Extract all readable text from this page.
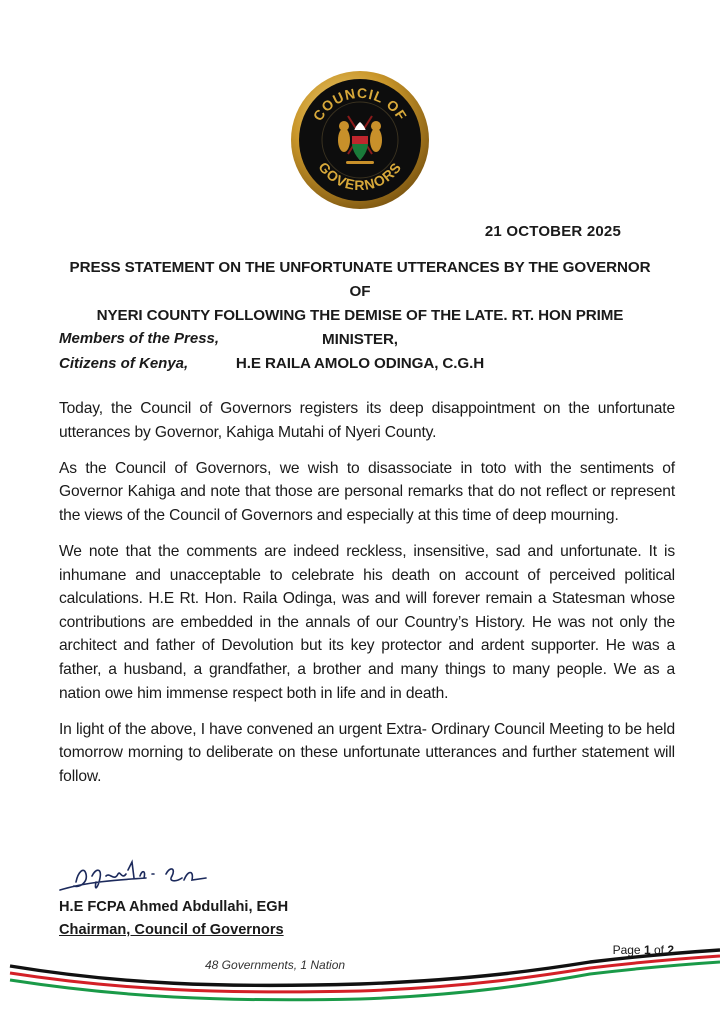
COUNCIL OF
GOVERNORS
21 OCTOBER 2025
PRESS STATEMENT ON THE UNFORTUNATE UTTERANCES BY THE GOVERNOR OF
NYERI COUNTY FOLLOWING THE DEMISE OF THE LATE. RT. HON PRIME MINISTER,
H.E RAILA AMOLO ODINGA, C.G.H
Members of the Press,
Citizens of Kenya,

Today, the Council of Governors registers its deep disappointment on the unfortunate utterances by Governor, Kahiga Mutahi of Nyeri County.

As the Council of Governors, we wish to disassociate in toto with the sentiments of Governor Kahiga and note that those are personal remarks that do not reflect or represent the views of the Council of Governors and especially at this time of deep mourning.

We note that the comments are indeed reckless, insensitive, sad and unfortunate. It is inhumane and unacceptable to celebrate his death on account of perceived political calculations. H.E Rt. Hon. Raila Odinga, was and will forever remain a Statesman whose contributions are embedded in the annals of our Country’s History. He was not only the architect and father of Devolution but its key protector and ardent supporter. He was a father, a husband, a grandfather, a brother and many things to many people. We as a nation owe him immense respect both in life and in death.

In light of the above, I have convened an urgent Extra- Ordinary Council Meeting to be held tomorrow morning to deliberate on these unfortunate utterances and further statement will follow.

H.E FCPA Ahmed Abdullahi, EGH
Chairman, Council of Governors
Page 1 of 2
48 Governments, 1 Nation
